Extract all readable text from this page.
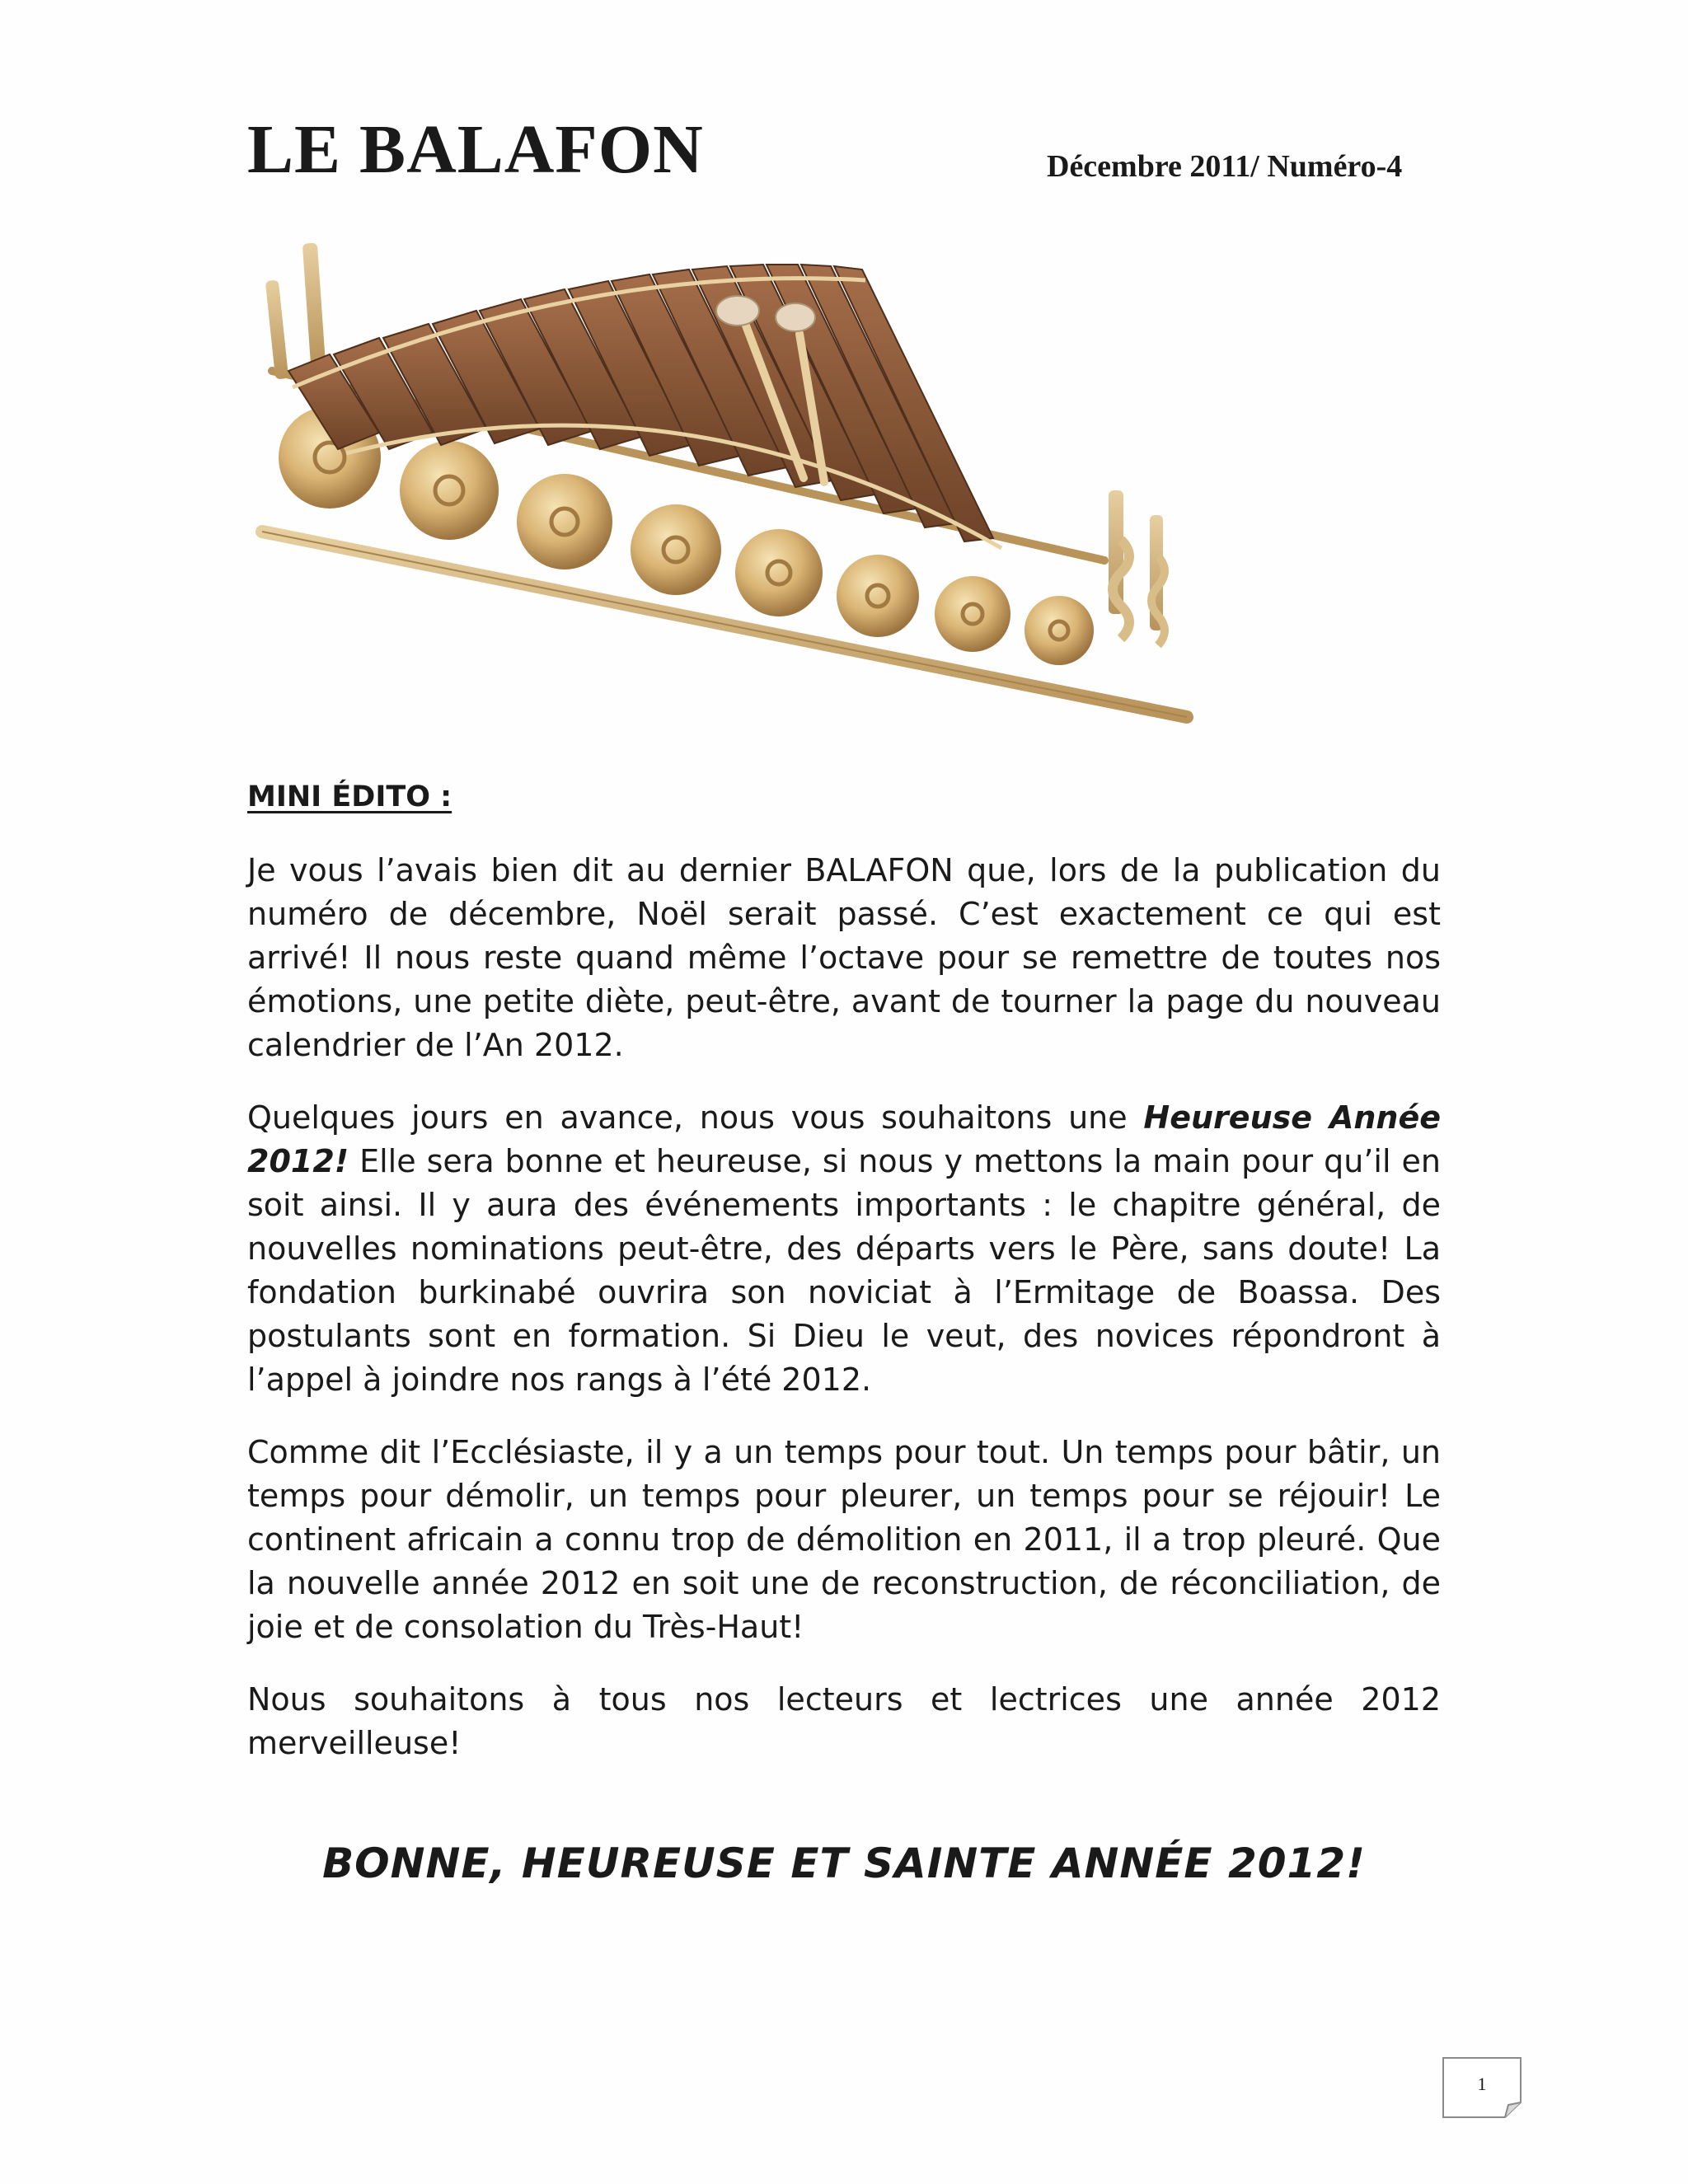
LE BALAFON	Décembre 2011/ Numéro-4
MINI ÉDITO :

Je vous l’avais bien dit au dernier BALAFON que, lors de la publication du numéro de décembre, Noël serait passé. C’est exactement ce qui est arrivé! Il nous reste quand même l’octave pour se remettre de toutes nos émotions, une petite diète, peut-être, avant de tourner la page du nouveau calendrier de l’An 2012.

Quelques jours en avance, nous vous souhaitons une Heureuse Année 2012! Elle sera bonne et heureuse, si nous y mettons la main pour qu’il en soit ainsi. Il y aura des événements importants : le chapitre général, de nouvelles nominations peut-être, des départs vers le Père, sans doute! La fondation burkinabé ouvrira son noviciat à l’Ermitage de Boassa. Des postulants sont en formation. Si Dieu le veut, des novices répondront à l’appel à joindre nos rangs à l’été 2012.

Comme dit l’Ecclésiaste, il y a un temps pour tout. Un temps pour bâtir, un temps pour démolir, un temps pour pleurer, un temps pour se réjouir! Le continent africain a connu trop de démolition en 2011, il a trop pleuré. Que la nouvelle année 2012 en soit une de reconstruction, de réconciliation, de joie et de consolation du Très-Haut!

Nous souhaitons à tous nos lecteurs et lectrices une année 2012 merveilleuse!

BONNE, HEUREUSE ET SAINTE ANNÉE 2012!
1
